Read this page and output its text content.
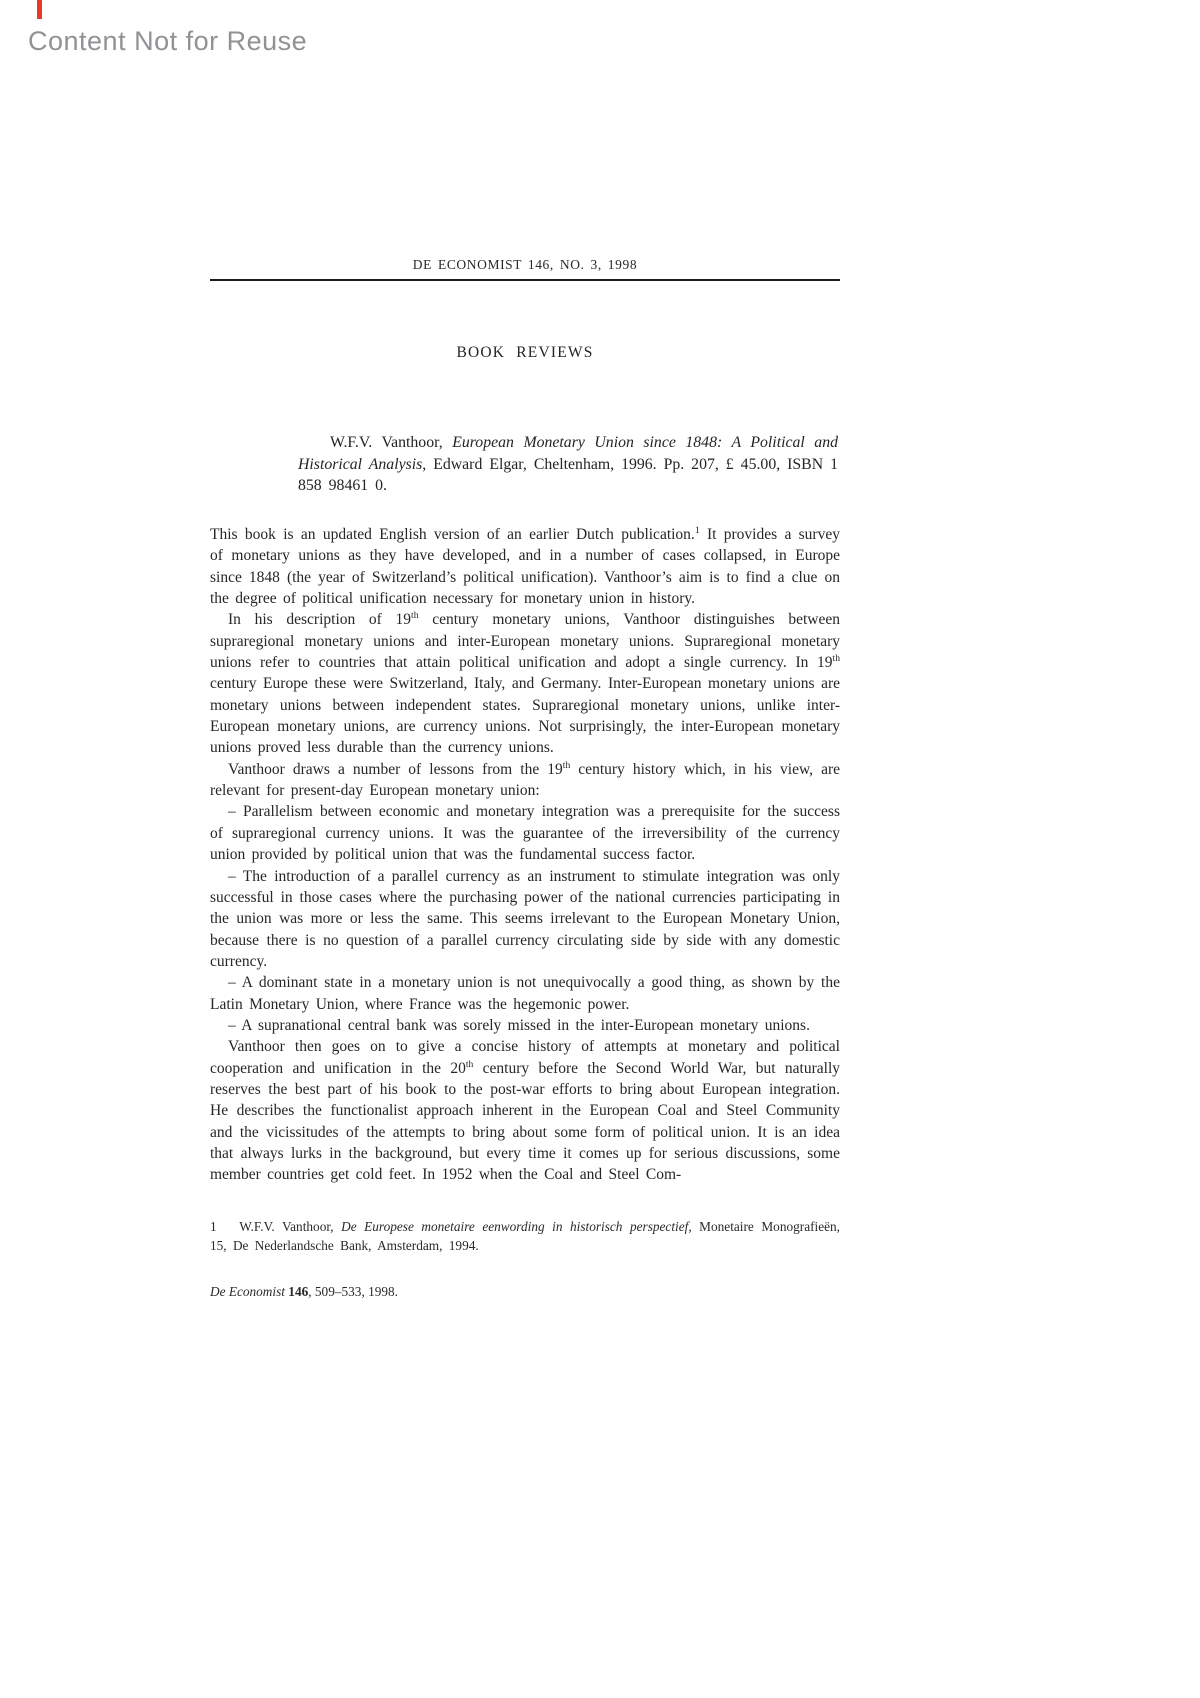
Content Not for Reuse
DE ECONOMIST 146, NO. 3, 1998
BOOK REVIEWS

W.F.V. Vanthoor, European Monetary Union since 1848: A Political and Historical Analysis, Edward Elgar, Cheltenham, 1996. Pp. 207, £ 45.00, ISBN 1 858 98461 0.

This book is an updated English version of an earlier Dutch publication.$^1$ It provides a survey of monetary unions as they have developed, and in a number of cases collapsed, in Europe since 1848 (the year of Switzerland’s political unification). Vanthoor’s aim is to find a clue on the degree of political unification necessary for monetary union in history.

In his description of 19th century monetary unions, Vanthoor distinguishes between supraregional monetary unions and inter-European monetary unions. Supraregional monetary unions refer to countries that attain political unification and adopt a single currency. In 19th century Europe these were Switzerland, Italy, and Germany. Inter-European monetary unions are monetary unions between independent states. Supraregional monetary unions, unlike inter-European monetary unions, are currency unions. Not surprisingly, the inter-European monetary unions proved less durable than the currency unions.

Vanthoor draws a number of lessons from the 19th century history which, in his view, are relevant for present-day European monetary union:

– Parallelism between economic and monetary integration was a prerequisite for the success of supraregional currency unions. It was the guarantee of the irreversibility of the currency union provided by political union that was the fundamental success factor.

– The introduction of a parallel currency as an instrument to stimulate integration was only successful in those cases where the purchasing power of the national currencies participating in the union was more or less the same. This seems irrelevant to the European Monetary Union, because there is no question of a parallel currency circulating side by side with any domestic currency.

– A dominant state in a monetary union is not unequivocally a good thing, as shown by the Latin Monetary Union, where France was the hegemonic power.

– A supranational central bank was sorely missed in the inter-European monetary unions.

Vanthoor then goes on to give a concise history of attempts at monetary and political cooperation and unification in the 20th century before the Second World War, but naturally reserves the best part of his book to the post-war efforts to bring about European integration. He describes the functionalist approach inherent in the European Coal and Steel Community and the vicissitudes of the attempts to bring about some form of political union. It is an idea that always lurks in the background, but every time it comes up for serious discussions, some member countries get cold feet. In 1952 when the Coal and Steel Com-

1   W.F.V. Vanthoor, De Europese monetaire eenwording in historisch perspectief, Monetaire Monografieën, 15, De Nederlandsche Bank, Amsterdam, 1994.

De Economist 146, 509–533, 1998.
